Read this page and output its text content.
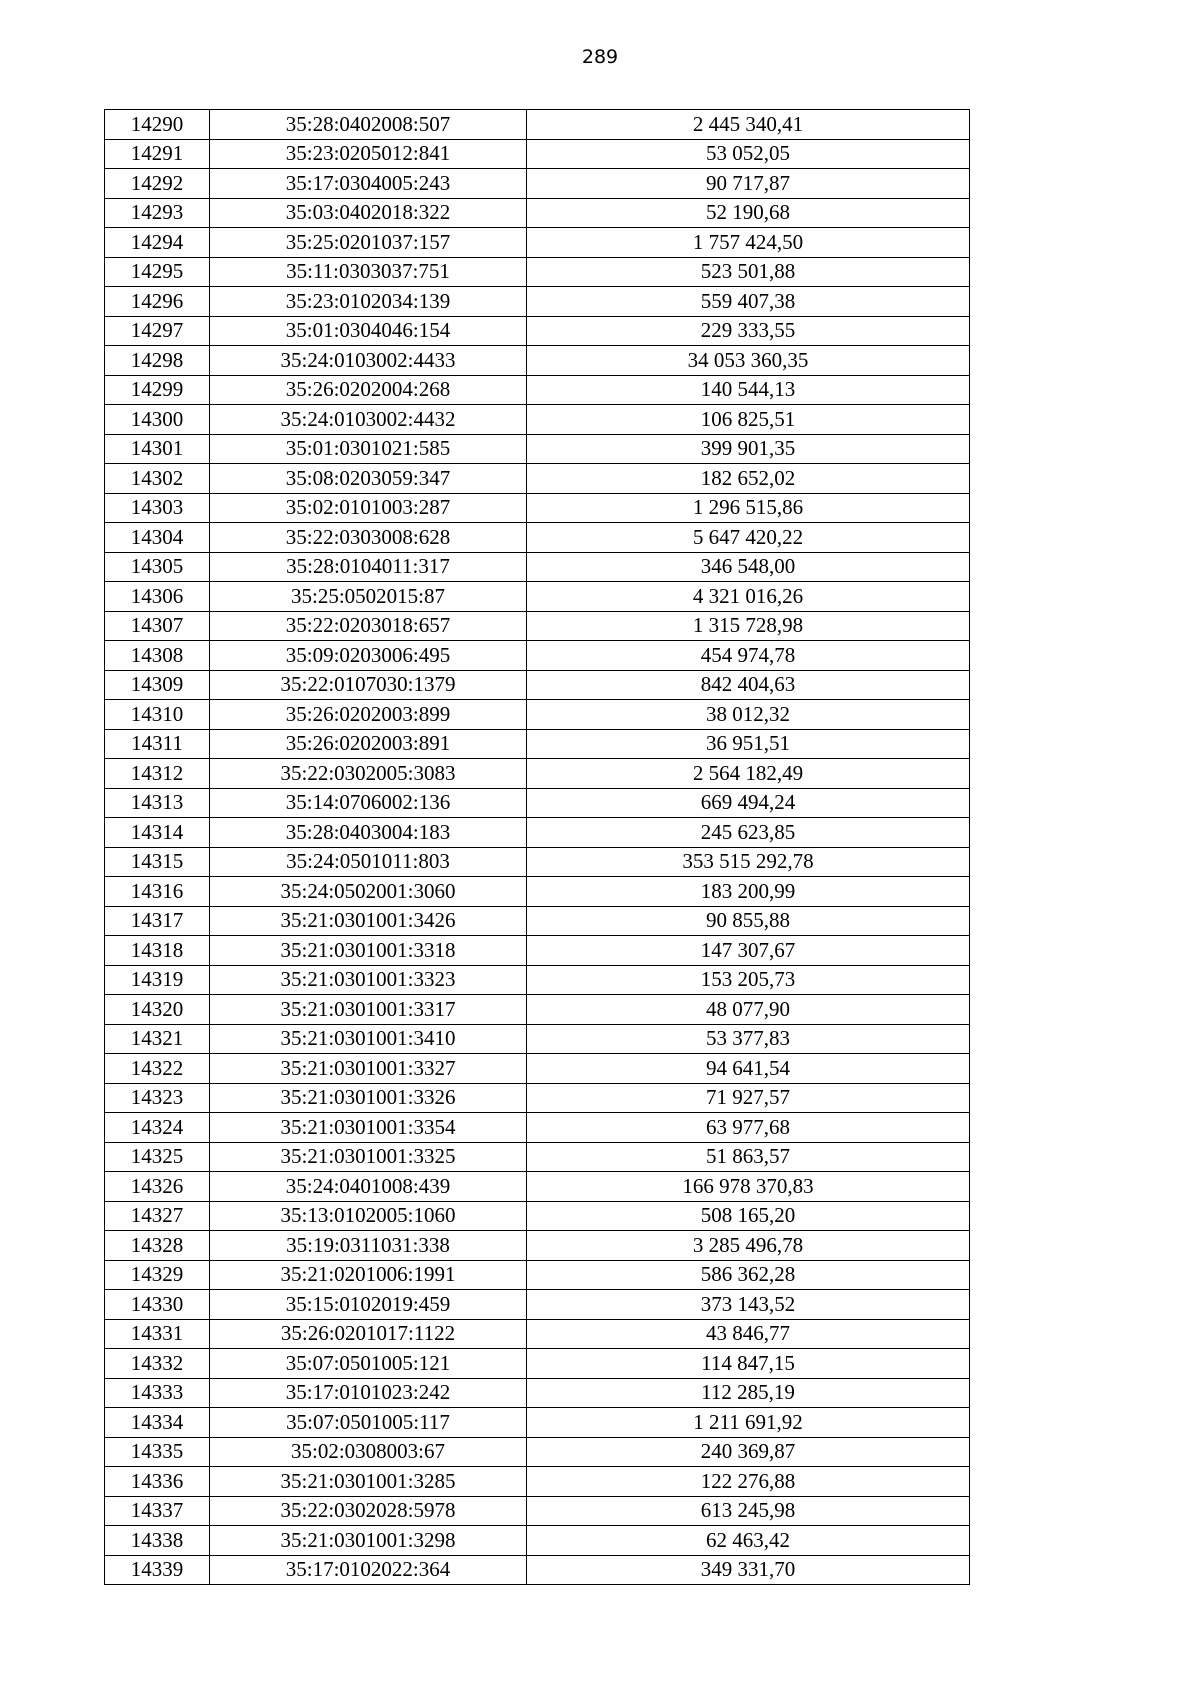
289
14290	35:28:0402008:507	2 445 340,41
14291	35:23:0205012:841	53 052,05
14292	35:17:0304005:243	90 717,87
14293	35:03:0402018:322	52 190,68
14294	35:25:0201037:157	1 757 424,50
14295	35:11:0303037:751	523 501,88
14296	35:23:0102034:139	559 407,38
14297	35:01:0304046:154	229 333,55
14298	35:24:0103002:4433	34 053 360,35
14299	35:26:0202004:268	140 544,13
14300	35:24:0103002:4432	106 825,51
14301	35:01:0301021:585	399 901,35
14302	35:08:0203059:347	182 652,02
14303	35:02:0101003:287	1 296 515,86
14304	35:22:0303008:628	5 647 420,22
14305	35:28:0104011:317	346 548,00
14306	35:25:0502015:87	4 321 016,26
14307	35:22:0203018:657	1 315 728,98
14308	35:09:0203006:495	454 974,78
14309	35:22:0107030:1379	842 404,63
14310	35:26:0202003:899	38 012,32
14311	35:26:0202003:891	36 951,51
14312	35:22:0302005:3083	2 564 182,49
14313	35:14:0706002:136	669 494,24
14314	35:28:0403004:183	245 623,85
14315	35:24:0501011:803	353 515 292,78
14316	35:24:0502001:3060	183 200,99
14317	35:21:0301001:3426	90 855,88
14318	35:21:0301001:3318	147 307,67
14319	35:21:0301001:3323	153 205,73
14320	35:21:0301001:3317	48 077,90
14321	35:21:0301001:3410	53 377,83
14322	35:21:0301001:3327	94 641,54
14323	35:21:0301001:3326	71 927,57
14324	35:21:0301001:3354	63 977,68
14325	35:21:0301001:3325	51 863,57
14326	35:24:0401008:439	166 978 370,83
14327	35:13:0102005:1060	508 165,20
14328	35:19:0311031:338	3 285 496,78
14329	35:21:0201006:1991	586 362,28
14330	35:15:0102019:459	373 143,52
14331	35:26:0201017:1122	43 846,77
14332	35:07:0501005:121	114 847,15
14333	35:17:0101023:242	112 285,19
14334	35:07:0501005:117	1 211 691,92
14335	35:02:0308003:67	240 369,87
14336	35:21:0301001:3285	122 276,88
14337	35:22:0302028:5978	613 245,98
14338	35:21:0301001:3298	62 463,42
14339	35:17:0102022:364	349 331,70
